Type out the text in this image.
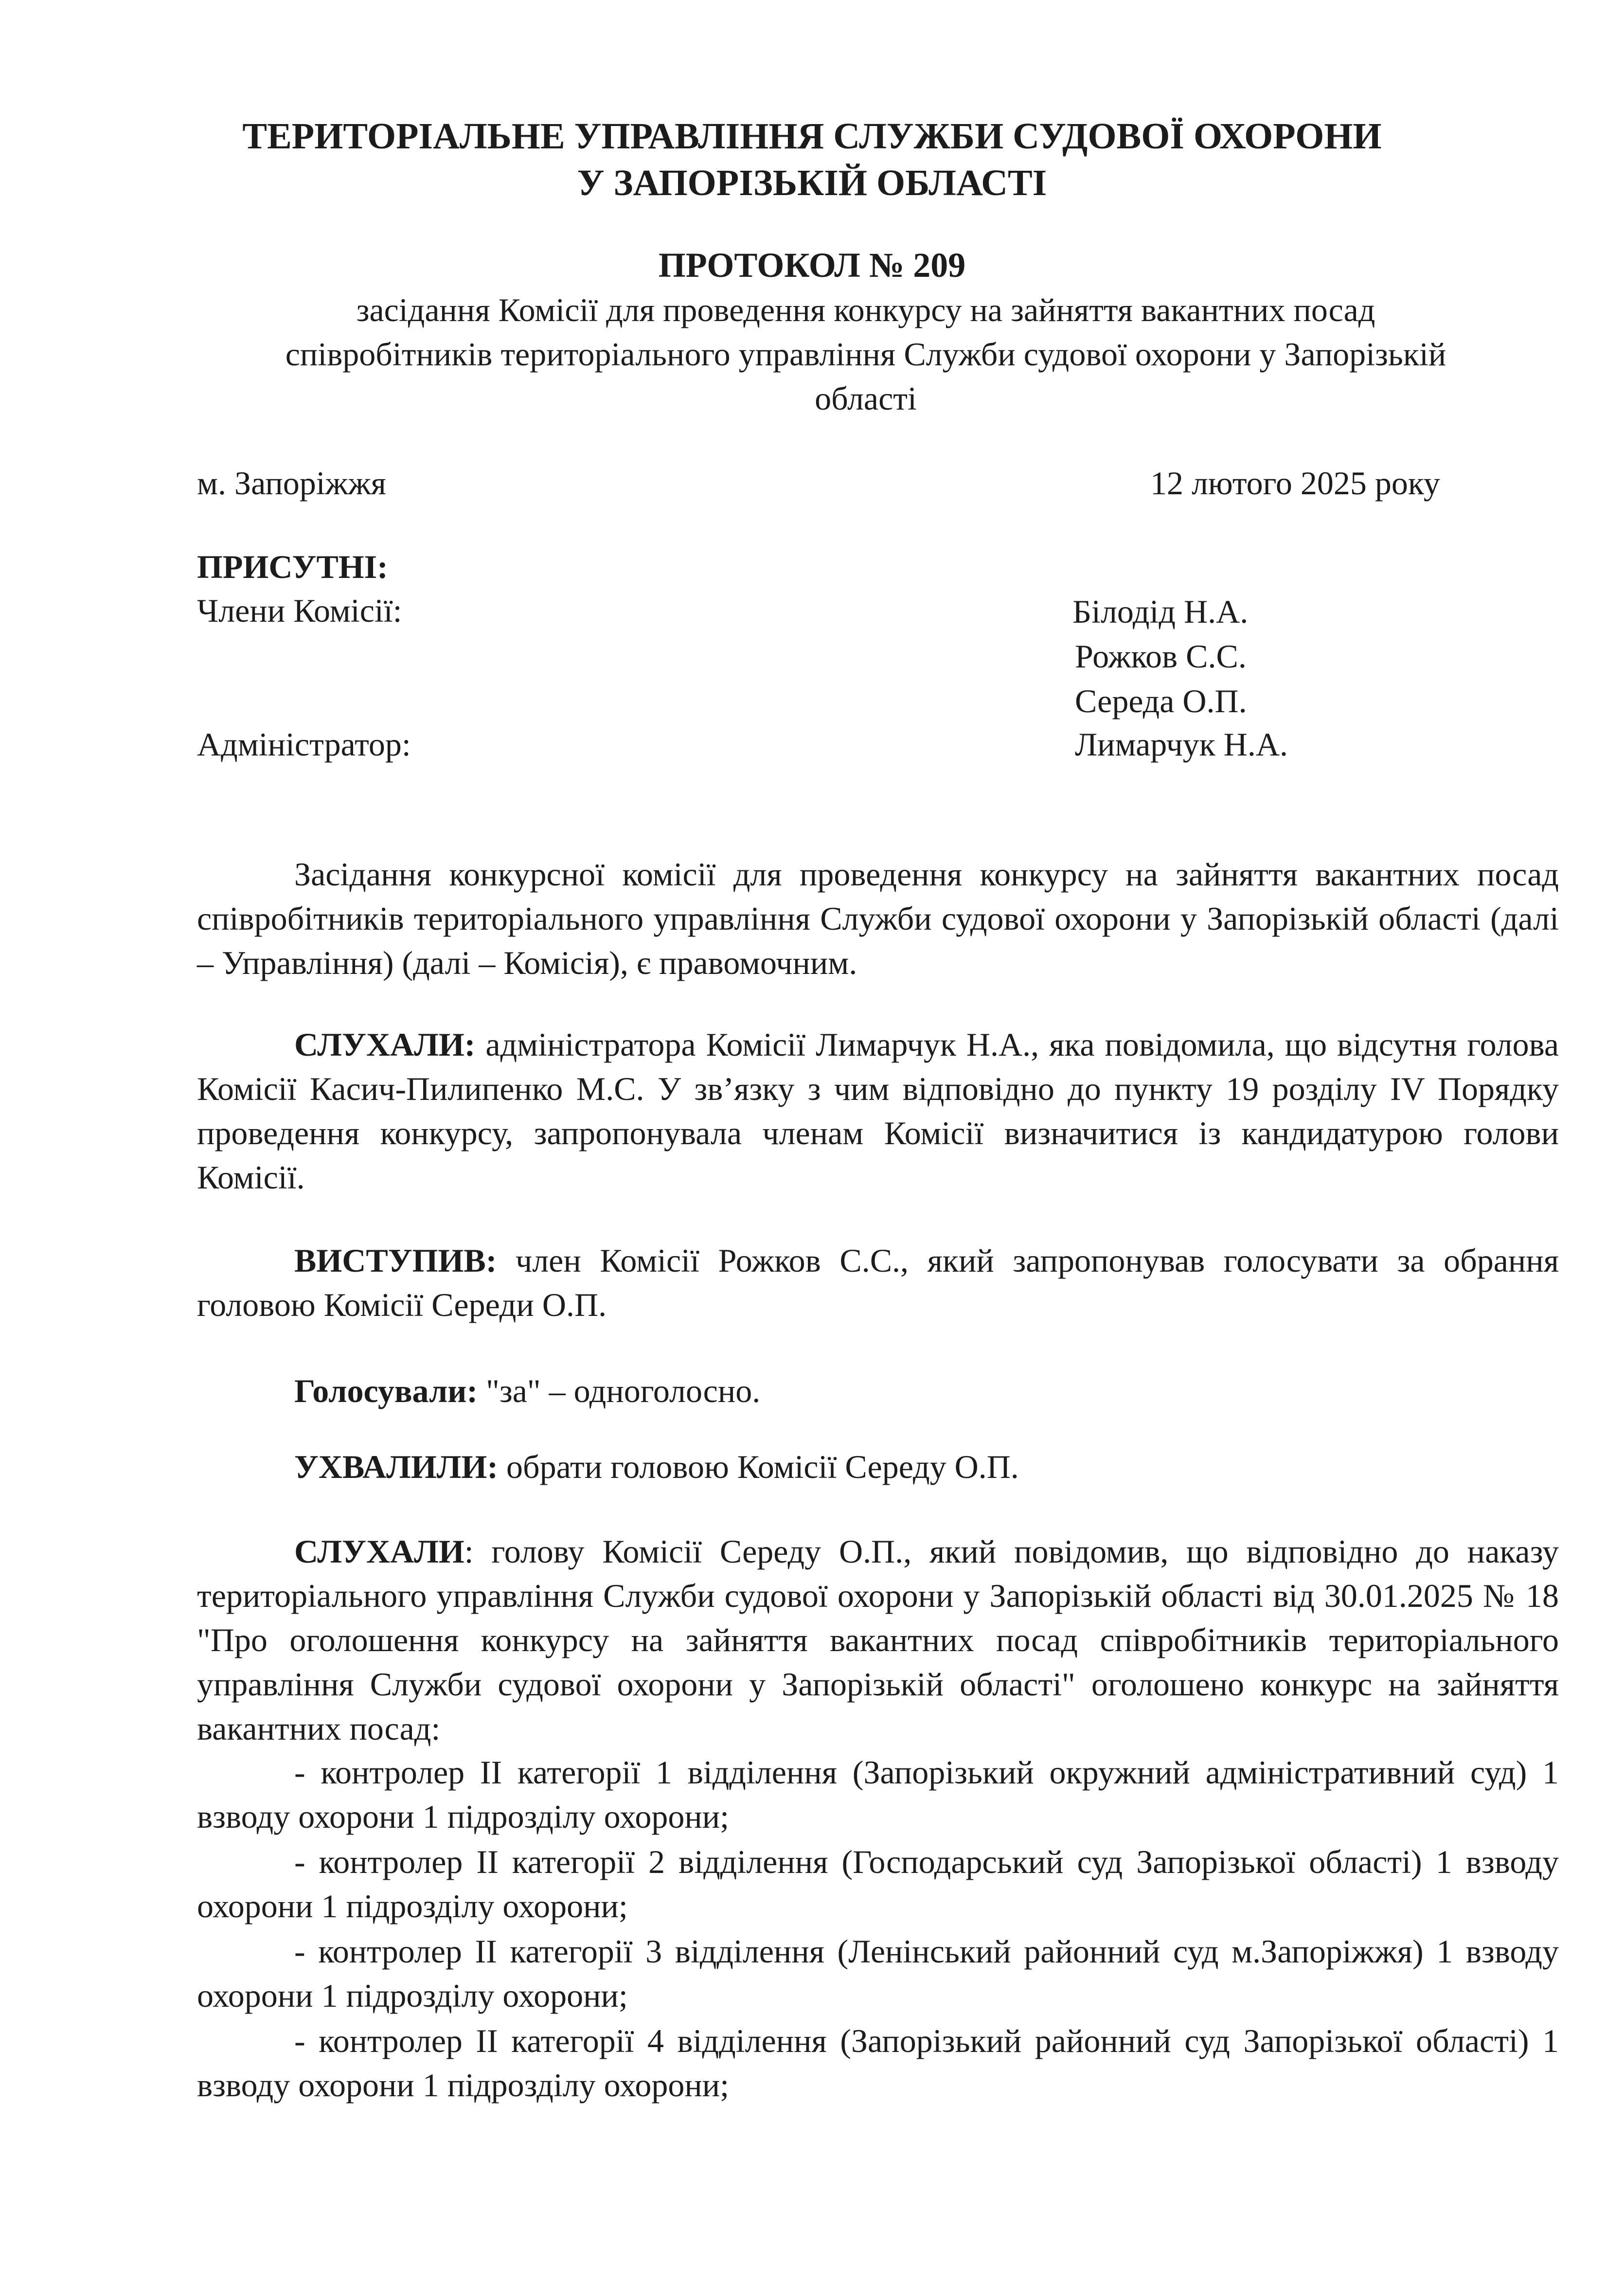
ТЕРИТОРІАЛЬНЕ УПРАВЛІННЯ СЛУЖБИ СУДОВОЇ ОХОРОНИ
У ЗАПОРІЗЬКІЙ ОБЛАСТІ
ПРОТОКОЛ № 209
засідання Комісії для проведення конкурсу на зайняття вакантних посад
співробітників територіального управління Служби судової охорони у Запорізькій
області
м. Запоріжжя	12 лютого 2025 року
ПРИСУТНІ:
Члени Комісії:	Білодід Н.А.
Рожков С.С.
Середа О.П.
Адміністратор:	Лимарчук Н.А.

Засідання конкурсної комісії для проведення конкурсу на зайняття вакантних посад співробітників територіального управління Служби судової охорони у Запорізькій області (далі – Управління) (далі – Комісія), є правомочним.

СЛУХАЛИ: адміністратора Комісії Лимарчук Н.А., яка повідомила, що відсутня голова Комісії Касич-Пилипенко М.С. У зв’язку з чим відповідно до пункту 19 розділу IV Порядку проведення конкурсу, запропонувала членам Комісії визначитися із кандидатурою голови Комісії.

ВИСТУПИВ: член Комісії Рожков С.С., який запропонував голосувати за обрання головою Комісії Середи О.П.

Голосували: "за" – одноголосно.

УХВАЛИЛИ: обрати головою Комісії Середу О.П.

СЛУХАЛИ: голову Комісії Середу О.П., який повідомив, що відповідно до наказу територіального управління Служби судової охорони у Запорізькій області від 30.01.2025 № 18 "Про оголошення конкурсу на зайняття вакантних посад співробітників територіального управління Служби судової охорони у Запорізькій області" оголошено конкурс на зайняття вакантних посад:

- контролер ІІ категорії 1 відділення (Запорізький окружний адміністративний суд) 1 взводу охорони 1 підрозділу охорони;

- контролер ІІ категорії 2 відділення (Господарський суд Запорізької області) 1 взводу охорони 1 підрозділу охорони;

- контролер ІІ категорії 3 відділення (Ленінський районний суд м.Запоріжжя) 1 взводу охорони 1 підрозділу охорони;

- контролер ІІ категорії 4 відділення (Запорізький районний суд Запорізької області) 1 взводу охорони 1 підрозділу охорони;
